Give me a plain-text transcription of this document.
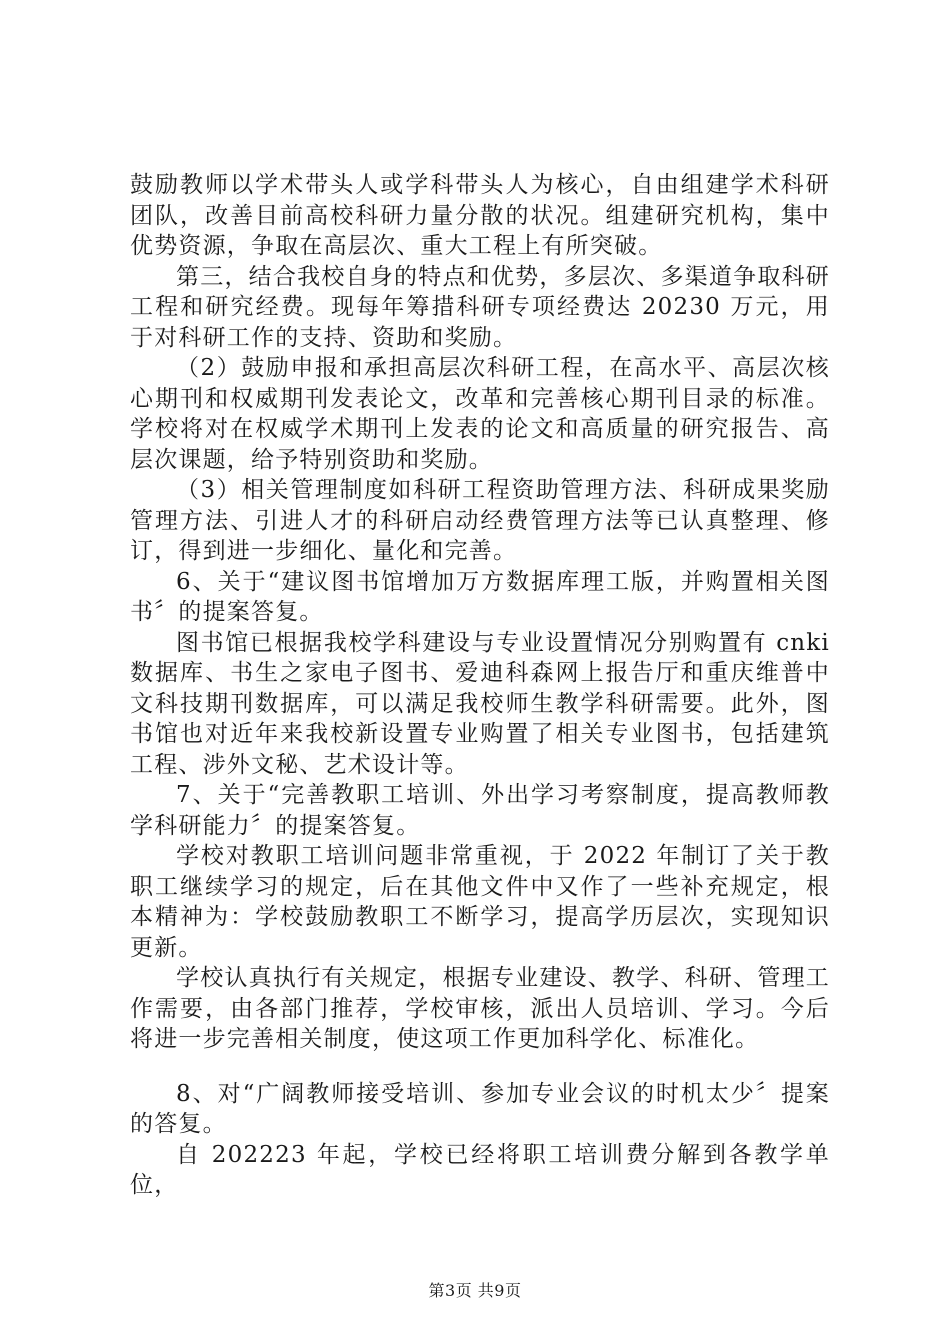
鼓励教师以学术带头人或学科带头人为核心，自由组建学术科研团队，改善目前高校科研力量分散的状况。组建研究机构，集中优势资源，争取在高层次、重大工程上有所突破。

第三，结合我校自身的特点和优势，多层次、多渠道争取科研工程和研究经费。现每年筹措科研专项经费达 20230 万元，用于对科研工作的支持、资助和奖励。

（2）鼓励申报和承担高层次科研工程，在高水平、高层次核心期刊和权威期刊发表论文，改革和完善核心期刊目录的标准。学校将对在权威学术期刊上发表的论文和高质量的研究报告、高层次课题，给予特别资助和奖励。

（3）相关管理制度如科研工程资助管理方法、科研成果奖励管理方法、引进人才的科研启动经费管理方法等已认真整理、修订，得到进一步细化、量化和完善。

6、关于“建议图书馆增加万方数据库理工版，并购置相关图书〞的提案答复。

图书馆已根据我校学科建设与专业设置情况分别购置有 cnki 数据库、书生之家电子图书、爱迪科森网上报告厅和重庆维普中文科技期刊数据库，可以满足我校师生教学科研需要。此外，图书馆也对近年来我校新设置专业购置了相关专业图书，包括建筑工程、涉外文秘、艺术设计等。

7、关于“完善教职工培训、外出学习考察制度，提高教师教学科研能力〞的提案答复。

学校对教职工培训问题非常重视，于 2022 年制订了关于教职工继续学习的规定，后在其他文件中又作了一些补充规定，根本精神为：学校鼓励教职工不断学习，提高学历层次，实现知识更新。

学校认真执行有关规定，根据专业建设、教学、科研、管理工作需要，由各部门推荐，学校审核，派出人员培训、学习。今后将进一步完善相关制度，使这项工作更加科学化、标准化。

8、对“广阔教师接受培训、参加专业会议的时机太少〞提案的答复。

自 202223 年起，学校已经将职工培训费分解到各教学单位，

第3页 共9页
